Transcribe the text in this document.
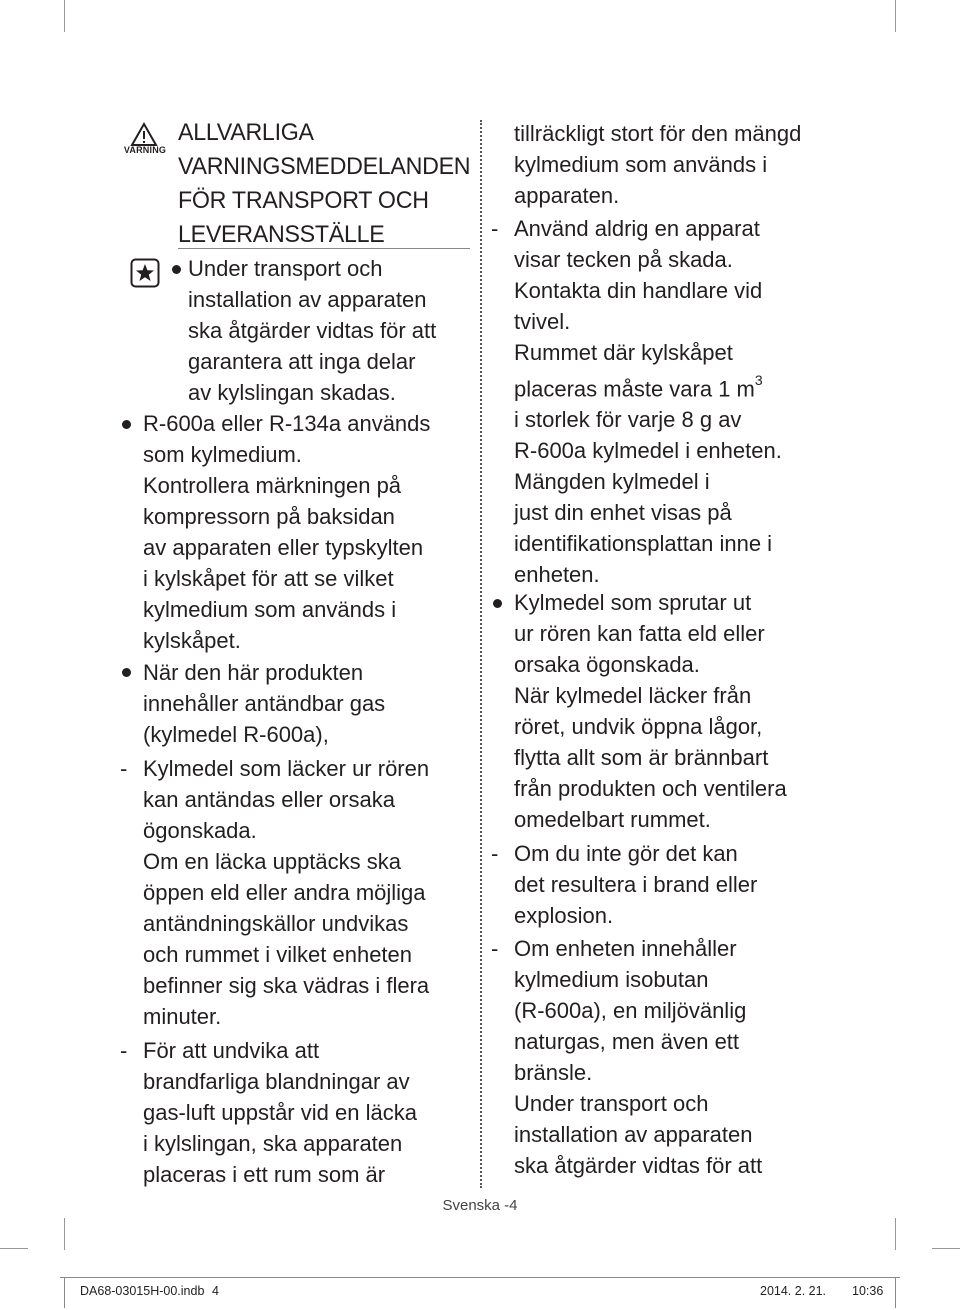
VARNING
ALLVARLIGA
VARNINGSMEDDELANDEN
FÖR TRANSPORT OCH
LEVERANSSTÄLLE
Under transport och
installation av apparaten
ska åtgärder vidtas för att
garantera att inga delar
av kylslingan skadas.
R-600a eller R-134a används
som kylmedium.
Kontrollera märkningen på
kompressorn på baksidan
av apparaten eller typskylten
i kylskåpet för att se vilket
kylmedium som används i
kylskåpet.
När den här produkten
innehåller antändbar gas
(kylmedel R-600a),
- Kylmedel som läcker ur rören
kan antändas eller orsaka
ögonskada.
Om en läcka upptäcks ska
öppen eld eller andra möjliga
antändningskällor undvikas
och rummet i vilket enheten
befinner sig ska vädras i flera
minuter.
- För att undvika att
brandfarliga blandningar av
gas-luft uppstår vid en läcka
i kylslingan, ska apparaten
placeras i ett rum som är
tillräckligt stort för den mängd
kylmedium som används i
apparaten.
- Använd aldrig en apparat
visar tecken på skada.
Kontakta din handlare vid
tvivel.
Rummet där kylskåpet
placeras måste vara 1 $m^3$
i storlek för varje 8 g av
R-600a kylmedel i enheten.
Mängden kylmedel i
just din enhet visas på
identifikationsplattan inne i
enheten.
Kylmedel som sprutar ut
ur rören kan fatta eld eller
orsaka ögonskada.
När kylmedel läcker från
röret, undvik öppna lågor,
flytta allt som är brännbart
från produkten och ventilera
omedelbart rummet.
- Om du inte gör det kan
det resultera i brand eller
explosion.
- Om enheten innehåller
kylmedium isobutan
(R-600a), en miljövänlig
naturgas, men även ett
bränsle.
Under transport och
installation av apparaten
ska åtgärder vidtas för att
Svenska -4
DA68-03015H-00.indb 4	2014. 2. 21. 10:36
